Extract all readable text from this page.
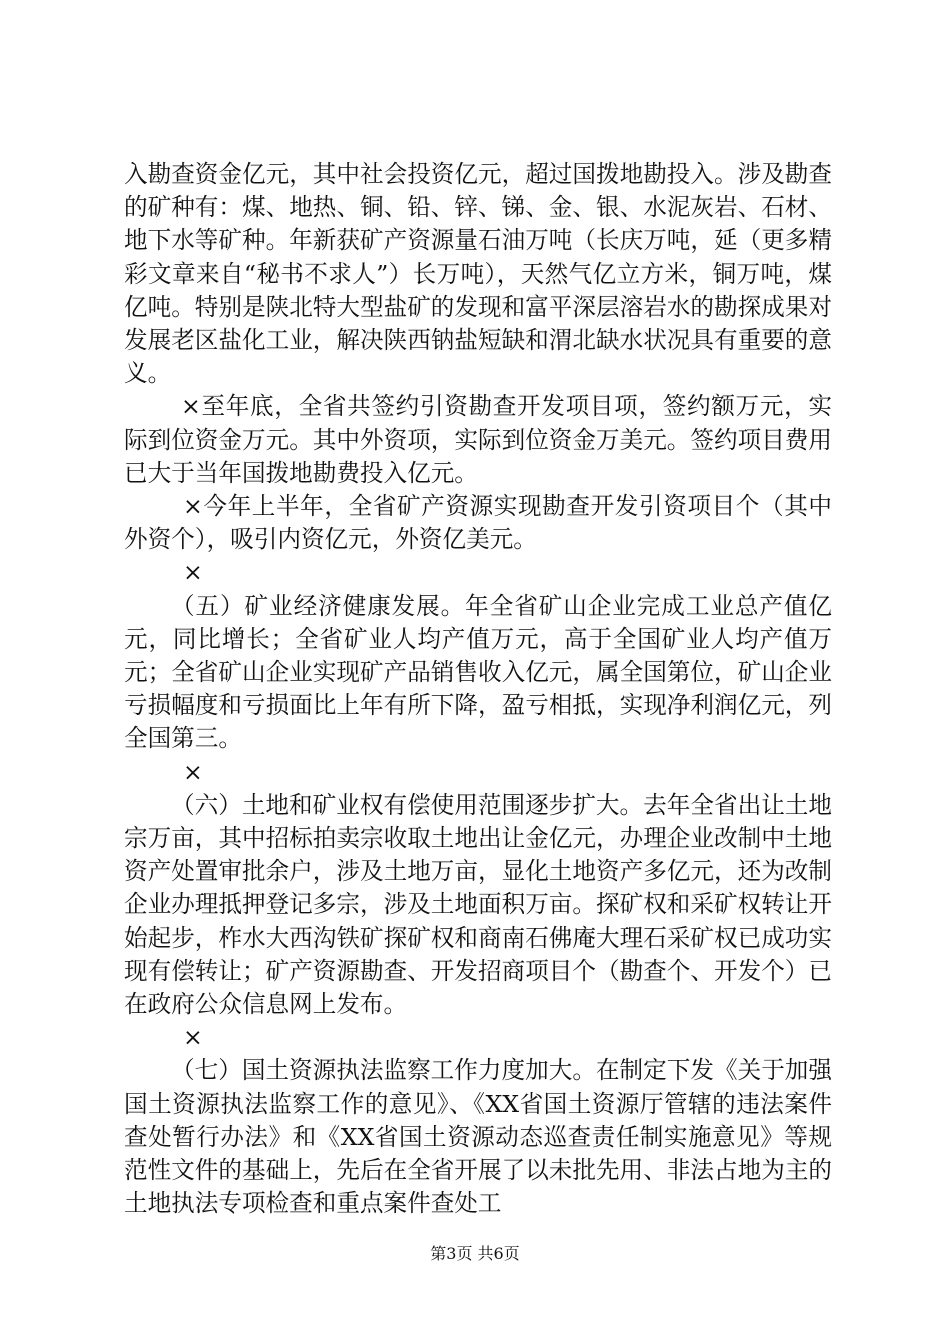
入勘查资金亿元，其中社会投资亿元，超过国拨地勘投入。涉及勘查的矿种有：煤、地热、铜、铅、锌、锑、金、银、水泥灰岩、石材、地下水等矿种。年新获矿产资源量石油万吨（长庆万吨，延（更多精彩文章来自“秘书不求人”）长万吨），天然气亿立方米，铜万吨，煤亿吨。特别是陕北特大型盐矿的发现和富平深层溶岩水的勘探成果对发展老区盐化工业，解决陕西钠盐短缺和渭北缺水状况具有重要的意义。

×至年底，全省共签约引资勘查开发项目项，签约额万元，实际到位资金万元。其中外资项，实际到位资金万美元。签约项目费用已大于当年国拨地勘费投入亿元。

×今年上半年，全省矿产资源实现勘查开发引资项目个（其中外资个），吸引内资亿元，外资亿美元。

×

（五）矿业经济健康发展。年全省矿山企业完成工业总产值亿元，同比增长；全省矿业人均产值万元，高于全国矿业人均产值万元；全省矿山企业实现矿产品销售收入亿元，属全国第位，矿山企业亏损幅度和亏损面比上年有所下降，盈亏相抵，实现净利润亿元，列全国第三。

×

（六）土地和矿业权有偿使用范围逐步扩大。去年全省出让土地宗万亩，其中招标拍卖宗收取土地出让金亿元，办理企业改制中土地资产处置审批余户，涉及土地万亩，显化土地资产多亿元，还为改制企业办理抵押登记多宗，涉及土地面积万亩。探矿权和采矿权转让开始起步，柞水大西沟铁矿探矿权和商南石佛庵大理石采矿权已成功实现有偿转让；矿产资源勘查、开发招商项目个（勘查个、开发个）已在政府公众信息网上发布。

×

（七）国土资源执法监察工作力度加大。在制定下发《关于加强国土资源执法监察工作的意见》、《XX省国土资源厅管辖的违法案件查处暂行办法》和《XX省国土资源动态巡查责任制实施意见》等规范性文件的基础上，先后在全省开展了以未批先用、非法占地为主的土地执法专项检查和重点案件查处工

第3页 共6页
